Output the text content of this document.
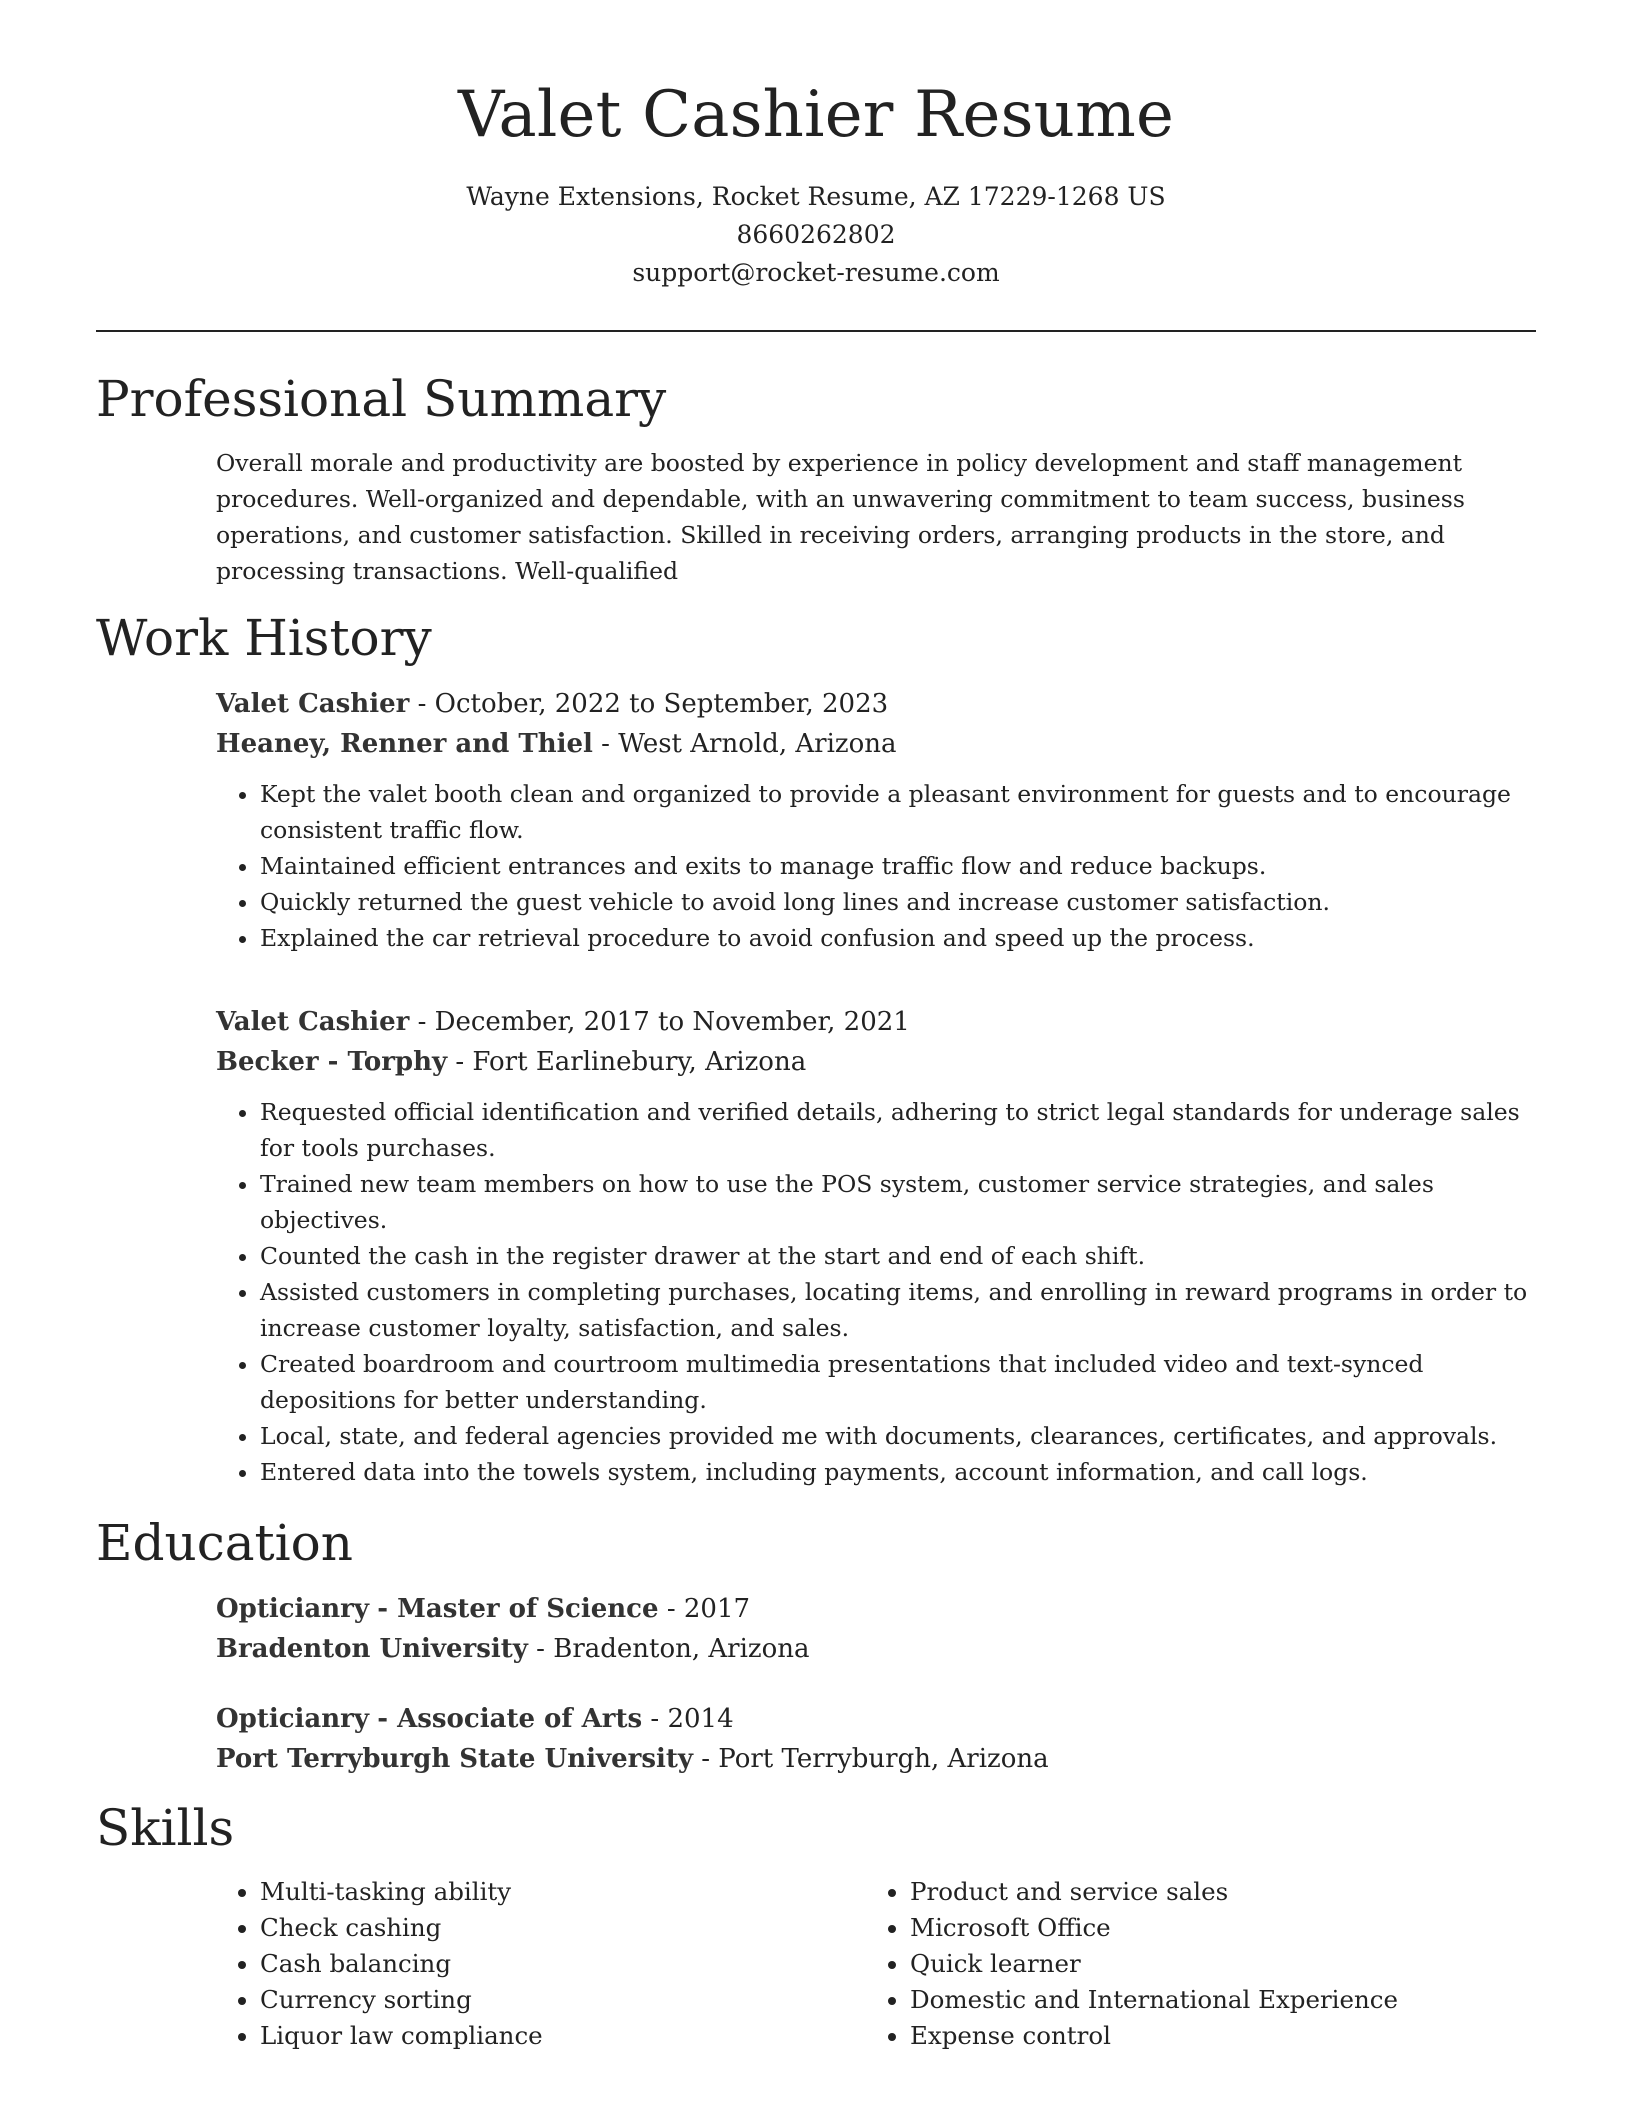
Valet Cashier Resume

Wayne Extensions, Rocket Resume, AZ 17229-1268 US

8660262802

support@rocket-resume.com

Professional Summary

Overall morale and productivity are boosted by experience in policy development and staff management procedures. Well-organized and dependable, with an unwavering commitment to team success, business operations, and customer satisfaction. Skilled in receiving orders, arranging products in the store, and processing transactions. Well-qualified

Work History

Valet Cashier - October, 2022 to September, 2023

Heaney, Renner and Thiel - West Arnold, Arizona

• Kept the valet booth clean and organized to provide a pleasant environment for guests and to encourage consistent traffic flow.
• Maintained efficient entrances and exits to manage traffic flow and reduce backups.
• Quickly returned the guest vehicle to avoid long lines and increase customer satisfaction.
• Explained the car retrieval procedure to avoid confusion and speed up the process.

Valet Cashier - December, 2017 to November, 2021

Becker - Torphy - Fort Earlinebury, Arizona

• Requested official identification and verified details, adhering to strict legal standards for underage sales for tools purchases.
• Trained new team members on how to use the POS system, customer service strategies, and sales objectives.
• Counted the cash in the register drawer at the start and end of each shift.
• Assisted customers in completing purchases, locating items, and enrolling in reward programs in order to increase customer loyalty, satisfaction, and sales.
• Created boardroom and courtroom multimedia presentations that included video and text-synced depositions for better understanding.
• Local, state, and federal agencies provided me with documents, clearances, certificates, and approvals.
• Entered data into the towels system, including payments, account information, and call logs.
Education

Opticianry - Master of Science - 2017

Bradenton University - Bradenton, Arizona

Opticianry - Associate of Arts - 2014

Port Terryburgh State University - Port Terryburgh, Arizona

Skills
• Multi-tasking ability
• Check cashing
• Cash balancing
• Currency sorting
• Liquor law compliance
• Product and service sales
• Microsoft Office
• Quick learner
• Domestic and International Experience
• Expense control
